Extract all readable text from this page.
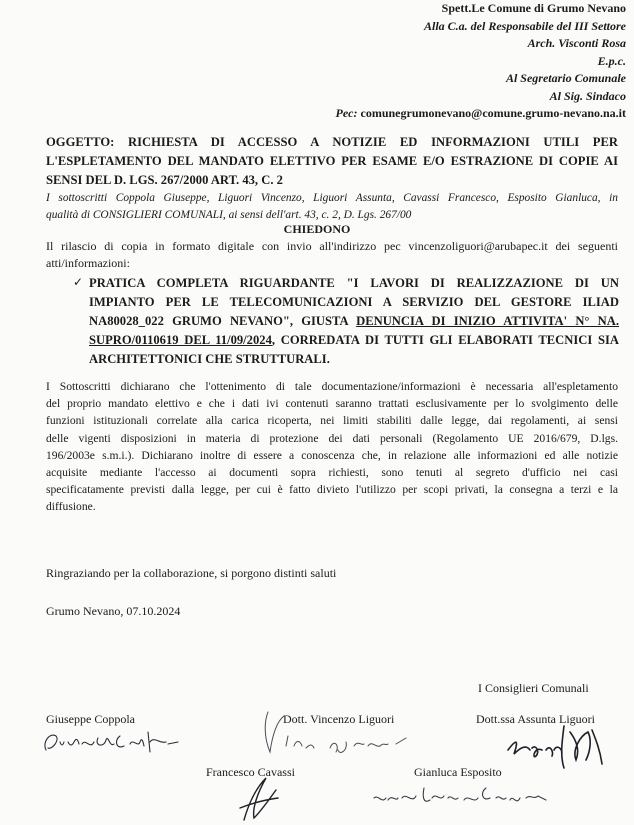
Spett.Le Comune di Grumo Nevano
Alla C.a. del Responsabile del III Settore
Arch. Visconti Rosa
E.p.c.
Al Segretario Comunale
Al Sig. Sindaco
Pec: comunegrumonevano@comune.grumo-nevano.na.it
OGGETTO: RICHIESTA DI ACCESSO A NOTIZIE ED INFORMAZIONI UTILI PER
L'ESPLETAMENTO DEL MANDATO ELETTIVO PER ESAME E/O ESTRAZIONE DI COPIE AI
SENSI DEL D. LGS. 267/2000 ART. 43, C. 2
I sottoscritti Coppola Giuseppe, Liguori Vincenzo, Liguori Assunta, Cavassi Francesco, Esposito Gianluca, in
qualità di CONSIGLIERI COMUNALI, ai sensi dell'art. 43, c. 2, D. Lgs. 267/00
CHIEDONO
Il rilascio di copia in formato digitale con invio all'indirizzo pec vincenzoliguori@arubapec.it dei seguenti
atti/informazioni:
✓ PRATICA COMPLETA RIGUARDANTE "I LAVORI DI REALIZZAZIONE DI UN
IMPIANTO PER LE TELECOMUNICAZIONI A SERVIZIO DEL GESTORE ILIAD
NA80028_022 GRUMO NEVANO", GIUSTA DENUNCIA DI INIZIO ATTIVITA' N° NA.
SUPRO/0110619 DEL 11/09/2024, CORREDATA DI TUTTI GLI ELABORATI TECNICI SIA
ARCHITETTONICI CHE STRUTTURALI.
I Sottoscritti dichiarano che l'ottenimento di tale documentazione/informazioni è necessaria all'espletamento
del proprio mandato elettivo e che i dati ivi contenuti saranno trattati esclusivamente per lo svolgimento delle
funzioni istituzionali correlate alla carica ricoperta, nei limiti stabiliti dalle legge, dai regolamenti, ai sensi
delle vigenti disposizioni in materia di protezione dei dati personali (Regolamento UE 2016/679, D.lgs.
196/2003e s.m.i.). Dichiarano inoltre di essere a conoscenza che, in relazione alle informazioni ed alle notizie
acquisite mediante l'accesso ai documenti sopra richiesti, sono tenuti al segreto d'ufficio nei casi
specificatamente previsti dalla legge, per cui è fatto divieto l'utilizzo per scopi privati, la consegna a terzi e la
diffusione.
Ringraziando per la collaborazione, si porgono distinti saluti
Grumo Nevano, 07.10.2024
I Consiglieri Comunali
Giuseppe Coppola	Dott. Vincenzo Liguori	Dott.ssa Assunta Liguori
Francesco Cavassi	Gianluca Esposito
